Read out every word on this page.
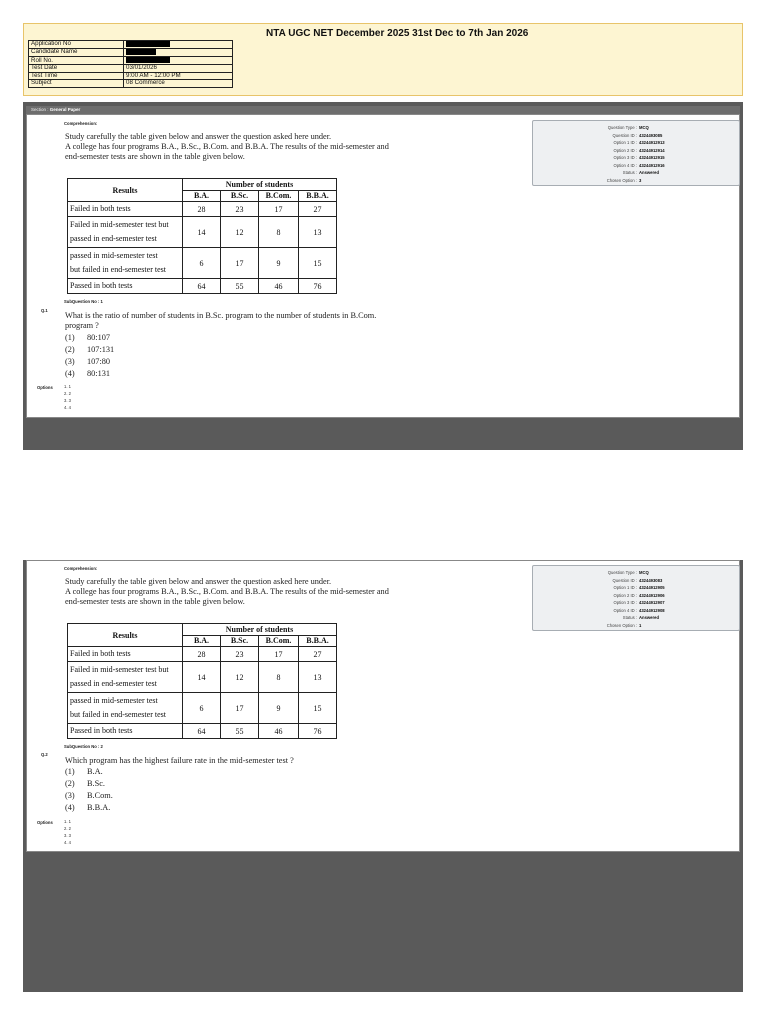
NTA UGC NET December 2025 31st Dec to 7th Jan 2026
Application No	
Candidate Name	
Roll No.	
Test Date	03/01/2026
Test Time	9:00 AM - 12:00 PM
Subject	08 Commerce
Section : General Paper
Comprehension:

Study carefully the table given below and answer the question asked here under.

A college has four programs B.A., B.Sc., B.Com. and B.B.A. The results of the mid-semester and

end-semester tests are shown in the table given below.

Results	Number of students			
	B.A.	B.Sc.	B.Com.	B.B.A.

Failed in both tests	28	23	17	27

Failed in mid-semester test but
passed in end-semester test	14	12	8	13

passed in mid-semester test
but failed in end-semester test	6	17	9	15

Passed in both tests	64	55	46	76
SubQuestion No : 1
Q.1

What is the ratio of number of students in B.Sc. program to the number of students in B.Com.

program ?

(1)	80:107
(2)	107:131
(3)	107:80
(4)	80:131
Options	1. 1
2. 2
3. 3
4. 4
Question Type : MCQ
Question ID : 4324493085
Option 1 ID : 43244912913
Option 2 ID : 43244912914
Option 3 ID : 43244912915
Option 4 ID : 43244912916
Status : Answered
Chosen Option : 3
Comprehension:

Study carefully the table given below and answer the question asked here under.

A college has four programs B.A., B.Sc., B.Com. and B.B.A. The results of the mid-semester and

end-semester tests are shown in the table given below.

Results	Number of students			
	B.A.	B.Sc.	B.Com.	B.B.A.

Failed in both tests	28	23	17	27

Failed in mid-semester test but
passed in end-semester test	14	12	8	13

passed in mid-semester test
but failed in end-semester test	6	17	9	15

Passed in both tests	64	55	46	76
SubQuestion No : 2
Q.2

Which program has the highest failure rate in the mid-semester test ?

(1)	B.A.
(2)	B.Sc.
(3)	B.Com.
(4)	B.B.A.
Options	1. 1
2. 2
3. 3
4. 4
Question Type : MCQ
Question ID : 4324493083
Option 1 ID : 43244912905
Option 2 ID : 43244912906
Option 3 ID : 43244912907
Option 4 ID : 43244912908
Status : Answered
Chosen Option : 1
